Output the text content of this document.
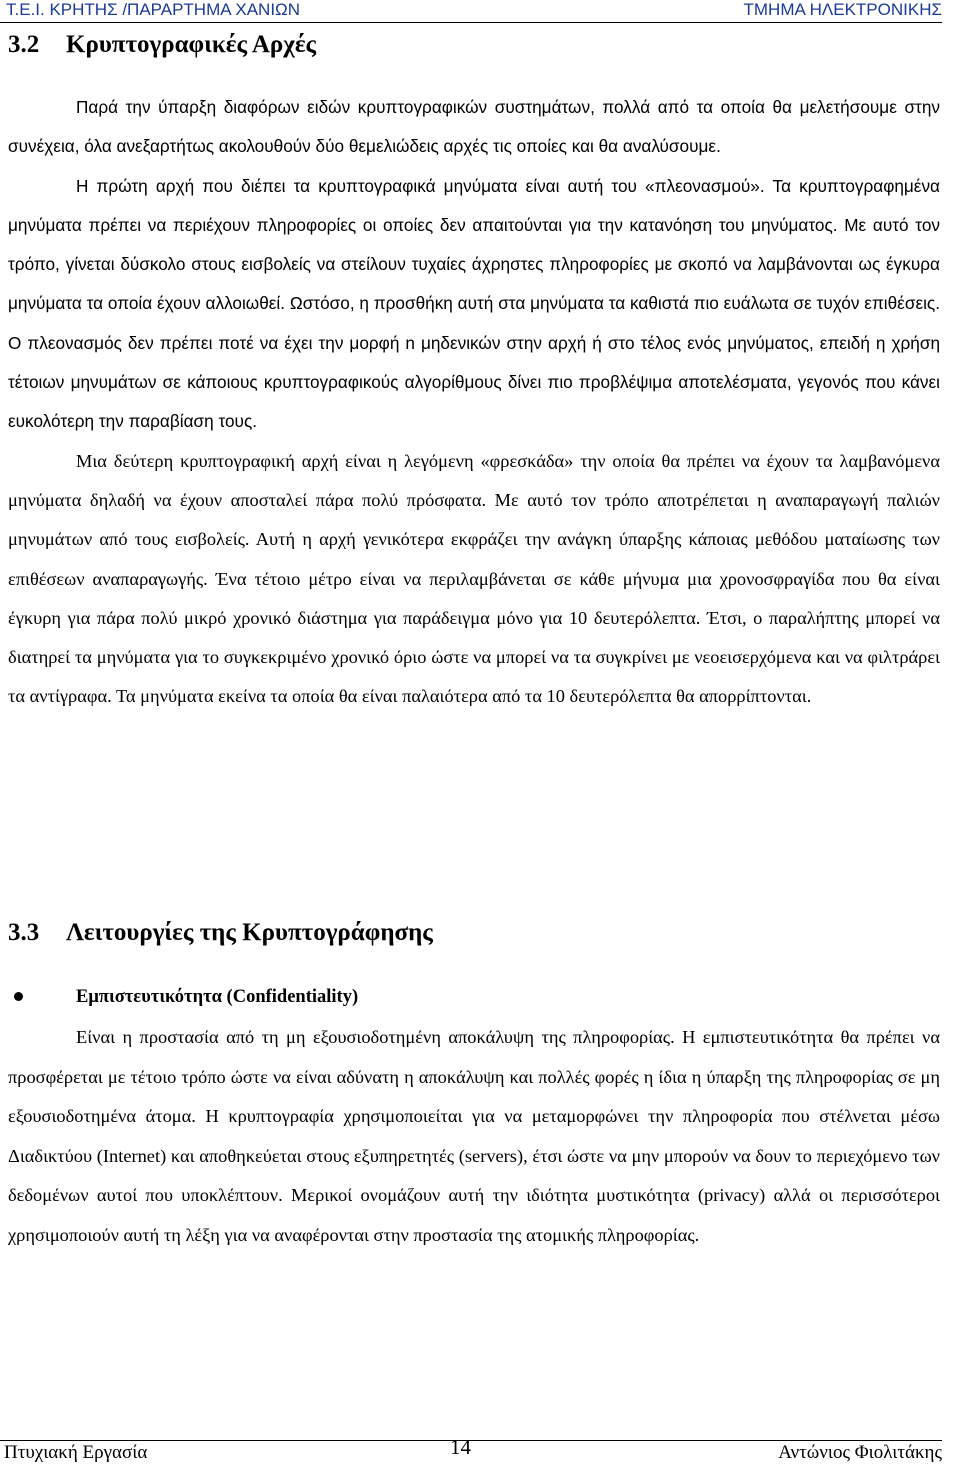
Τ.Ε.Ι. ΚΡΗΤΗΣ /ΠΑΡΑΡΤΗΜΑ ΧΑΝΙΩΝ	ΤΜΗΜΑ ΗΛΕΚΤΡΟΝΙΚΗΣ
3.2 Κρυπτογραφικές Αρχές

Παρά την ύπαρξη διαφόρων ειδών κρυπτογραφικών συστημάτων, πολλά από τα οποία θα μελετήσουμε στην συνέχεια, όλα ανεξαρτήτως ακολουθούν δύο θεμελιώδεις αρχές τις οποίες και θα αναλύσουμε.

Η πρώτη αρχή που διέπει τα κρυπτογραφικά μηνύματα είναι αυτή του «πλεονασμού». Τα κρυπτογραφημένα μηνύματα πρέπει να περιέχουν πληροφορίες οι οποίες δεν απαιτούνται για την κατανόηση του μηνύματος. Με αυτό τον τρόπο, γίνεται δύσκολο στους εισβολείς να στείλουν τυχαίες άχρηστες πληροφορίες με σκοπό να λαμβάνονται ως έγκυρα μηνύματα τα οποία έχουν αλλοιωθεί. Ωστόσο, η προσθήκη αυτή στα μηνύματα τα καθιστά πιο ευάλωτα σε τυχόν επιθέσεις. Ο πλεονασμός δεν πρέπει ποτέ να έχει την μορφή n μηδενικών στην αρχή ή στο τέλος ενός μηνύματος, επειδή η χρήση τέτοιων μηνυμάτων σε κάποιους κρυπτογραφικούς αλγορίθμους δίνει πιο προβλέψιμα αποτελέσματα, γεγονός που κάνει ευκολότερη την παραβίαση τους.

Μια δεύτερη κρυπτογραφική αρχή είναι η λεγόμενη «φρεσκάδα» την οποία θα πρέπει να έχουν τα λαμβανόμενα μηνύματα δηλαδή να έχουν αποσταλεί πάρα πολύ πρόσφατα. Με αυτό τον τρόπο αποτρέπεται η αναπαραγωγή παλιών μηνυμάτων από τους εισβολείς. Αυτή η αρχή γενικότερα εκφράζει την ανάγκη ύπαρξης κάποιας μεθόδου ματαίωσης των επιθέσεων αναπαραγωγής. Ένα τέτοιο μέτρο είναι να περιλαμβάνεται σε κάθε μήνυμα μια χρονοσφραγίδα που θα είναι έγκυρη για πάρα πολύ μικρό χρονικό διάστημα για παράδειγμα μόνο για 10 δευτερόλεπτα. Έτσι, ο παραλήπτης μπορεί να διατηρεί τα μηνύματα για το συγκεκριμένο χρονικό όριο ώστε να μπορεί να τα συγκρίνει με νεοεισερχόμενα και να φιλτράρει τα αντίγραφα. Τα μηνύματα εκείνα τα οποία θα είναι παλαιότερα από τα 10 δευτερόλεπτα θα απορρίπτονται.

3.3 Λειτουργίες της Κρυπτογράφησης
Εμπιστευτικότητα (Confidentiality)

Είναι η προστασία από τη μη εξουσιοδοτημένη αποκάλυψη της πληροφορίας. Η εμπιστευτικότητα θα πρέπει να προσφέρεται με τέτοιο τρόπο ώστε να είναι αδύνατη η αποκάλυψη και πολλές φορές η ίδια η ύπαρξη της πληροφορίας σε μη εξουσιοδοτημένα άτομα. Η κρυπτογραφία χρησιμοποιείται για να μεταμορφώνει την πληροφορία που στέλνεται μέσω Διαδικτύου (Internet) και αποθηκεύεται στους εξυπηρετητές (servers), έτσι ώστε να μην μπορούν να δουν το περιεχόμενο των δεδομένων αυτοί που υποκλέπτουν. Μερικοί ονομάζουν αυτή την ιδιότητα μυστικότητα (privacy) αλλά οι περισσότεροι χρησιμοποιούν αυτή τη λέξη για να αναφέρονται στην προστασία της ατομικής πληροφορίας.

Πτυχιακή Εργασία	14	Αντώνιος Φιολιτάκης
